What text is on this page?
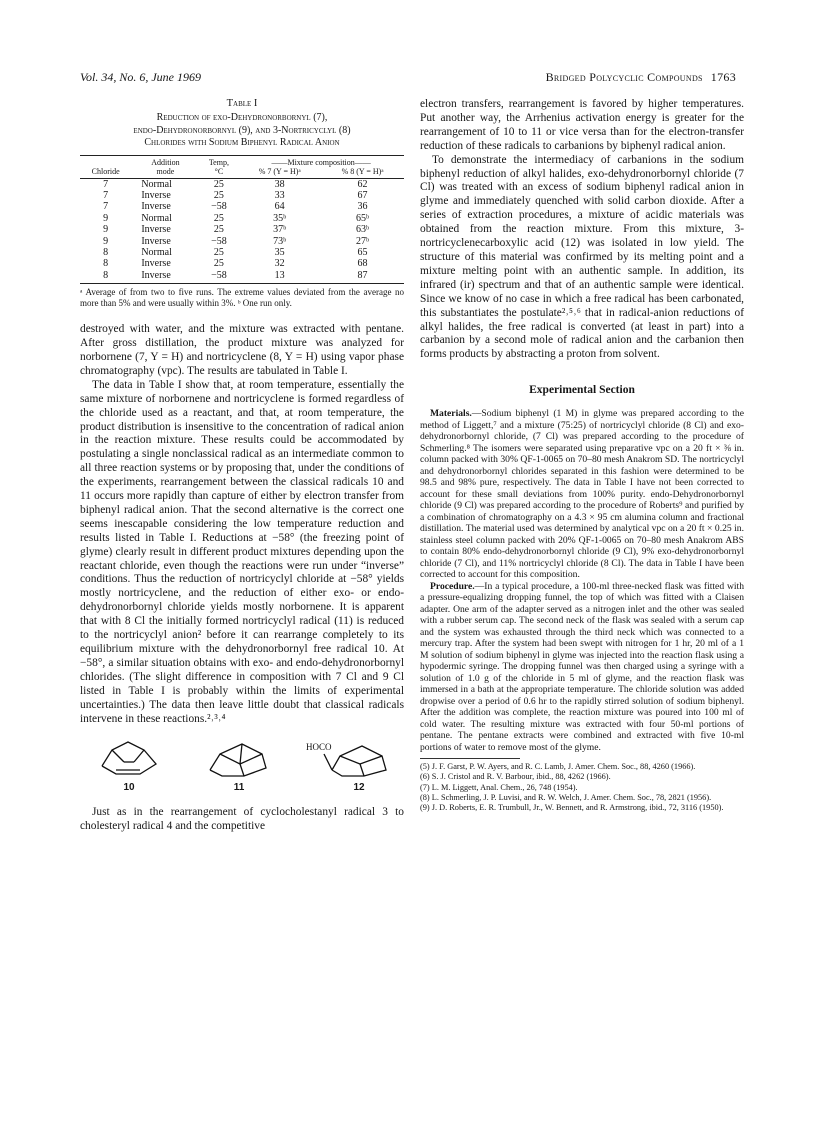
Vol. 34, No. 6, June 1969	Bridged Polycyclic Compounds 1763
Table I
Reduction of exo-Dehydronorbornyl (7),
endo-Dehydronorbornyl (9), and 3-Nortricyclyl (8)
Chlorides with Sodium Biphenyl Radical Anion
	Addition	Temp,	——Mixture composition——	
Chloride	mode	°C	% 7 (Y = H)ᵃ	% 8 (Y = H)ᵃ
7	Normal	25	38	62
7	Inverse	25	33	67
7	Inverse	−58	64	36
9	Normal	25	35ᵇ	65ᵇ
9	Inverse	25	37ᵇ	63ᵇ
9	Inverse	−58	73ᵇ	27ᵇ
8	Normal	25	35	65
8	Inverse	25	32	68
8	Inverse	−58	13	87
ᵃ Average of from two to five runs. The extreme values deviated from the average no more than 5% and were usually within 3%. ᵇ One run only.

destroyed with water, and the mixture was extracted with pentane. After gross distillation, the product mixture was analyzed for norbornene (7, Y = H) and nortricyclene (8, Y = H) using vapor phase chromatography (vpc). The results are tabulated in Table I.

The data in Table I show that, at room temperature, essentially the same mixture of norbornene and nortricyclene is formed regardless of the chloride used as a reactant, and that, at room temperature, the product distribution is insensitive to the concentration of radical anion in the reaction mixture. These results could be accommodated by postulating a single nonclassical radical as an intermediate common to all three reaction systems or by proposing that, under the conditions of the experiments, rearrangement between the classical radicals 10 and 11 occurs more rapidly than capture of either by electron transfer from biphenyl radical anion. That the second alternative is the correct one seems inescapable considering the low temperature reduction and results listed in Table I. Reductions at −58° (the freezing point of glyme) clearly result in different product mixtures depending upon the reactant chloride, even though the reactions were run under “inverse” conditions. Thus the reduction of nortricyclyl chloride at −58° yields mostly nortricyclene, and the reduction of either exo- or endo-dehydronorbornyl chloride yields mostly norbornene. It is apparent that with 8 Cl the initially formed nortricyclyl radical (11) is reduced to the nortricyclyl anion² before it can rearrange completely to its equilibrium mixture with the dehydronorbornyl free radical 10. At −58°, a similar situation obtains with exo- and endo-dehydronorbornyl chlorides. (The slight difference in composition with 7 Cl and 9 Cl listed in Table I is probably within the limits of experimental uncertainties.) The data then leave little doubt that classical radicals intervene in these reactions.²˒³˒⁴

10	11
HOCO
12

Just as in the rearrangement of cyclocholestanyl radical 3 to cholesteryl radical 4 and the competitive

electron transfers, rearrangement is favored by higher temperatures. Put another way, the Arrhenius activation energy is greater for the rearrangement of 10 to 11 or vice versa than for the electron-transfer reduction of these radicals to carbanions by biphenyl radical anion.

To demonstrate the intermediacy of carbanions in the sodium biphenyl reduction of alkyl halides, exo-dehydronorbornyl chloride (7 Cl) was treated with an excess of sodium biphenyl radical anion in glyme and immediately quenched with solid carbon dioxide. After a series of extraction procedures, a mixture of acidic materials was obtained from the reaction mixture. From this mixture, 3-nortricyclenecarboxylic acid (12) was isolated in low yield. The structure of this material was confirmed by its melting point and a mixture melting point with an authentic sample. In addition, its infrared (ir) spectrum and that of an authentic sample were identical. Since we know of no case in which a free radical has been carbonated, this substantiates the postulate²˒⁵˒⁶ that in radical-anion reductions of alkyl halides, the free radical is converted (at least in part) into a carbanion by a second mole of radical anion and the carbanion then forms products by abstracting a proton from solvent.

Experimental Section

Materials.—Sodium biphenyl (1 M) in glyme was prepared according to the method of Liggett,⁷ and a mixture (75:25) of nortricyclyl chloride (8 Cl) and exo-dehydronorbornyl chloride, (7 Cl) was prepared according to the procedure of Schmerling.⁸ The isomers were separated using preparative vpc on a 20 ft × ⅜ in. column packed with 30% QF-1-0065 on 70–80 mesh Anakrom SD. The nortricyclyl and dehydronorbornyl chlorides separated in this fashion were determined to be 98.5 and 98% pure, respectively. The data in Table I have not been corrected to account for these small deviations from 100% purity. endo-Dehydronorbornyl chloride (9 Cl) was prepared according to the procedure of Roberts⁹ and purified by a combination of chromatography on a 4.3 × 95 cm alumina column and fractional distillation. The material used was determined by analytical vpc on a 20 ft × 0.25 in. stainless steel column packed with 20% QF-1-0065 on 70–80 mesh Anakrom ABS to contain 80% endo-dehydronorbornyl chloride (9 Cl), 9% exo-dehydronorbornyl chloride (7 Cl), and 11% nortricyclyl chloride (8 Cl). The data in Table I have been corrected to account for this composition.

Procedure.—In a typical procedure, a 100-ml three-necked flask was fitted with a pressure-equalizing dropping funnel, the top of which was fitted with a Claisen adapter. One arm of the adapter served as a nitrogen inlet and the other was sealed with a rubber serum cap. The second neck of the flask was sealed with a serum cap and the system was exhausted through the third neck which was connected to a mercury trap. After the system had been swept with nitrogen for 1 hr, 20 ml of a 1 M solution of sodium biphenyl in glyme was injected into the reaction flask using a hypodermic syringe. The dropping funnel was then charged using a syringe with a solution of 1.0 g of the chloride in 5 ml of glyme, and the reaction flask was immersed in a bath at the appropriate temperature. The chloride solution was added dropwise over a period of 0.6 hr to the rapidly stirred solution of sodium biphenyl. After the addition was complete, the reaction mixture was poured into 100 ml of cold water. The resulting mixture was extracted with four 50-ml portions of pentane. The pentane extracts were combined and extracted with five 10-ml portions of water to remove most of the glyme.

(5) J. F. Garst, P. W. Ayers, and R. C. Lamb, J. Amer. Chem. Soc., 88, 4260 (1966).

(6) S. J. Cristol and R. V. Barbour, ibid., 88, 4262 (1966).

(7) L. M. Liggett, Anal. Chem., 26, 748 (1954).

(8) L. Schmerling, J. P. Luvisi, and R. W. Welch, J. Amer. Chem. Soc., 78, 2821 (1956).

(9) J. D. Roberts, E. R. Trumbull, Jr., W. Bennett, and R. Armstrong, ibid., 72, 3116 (1950).
